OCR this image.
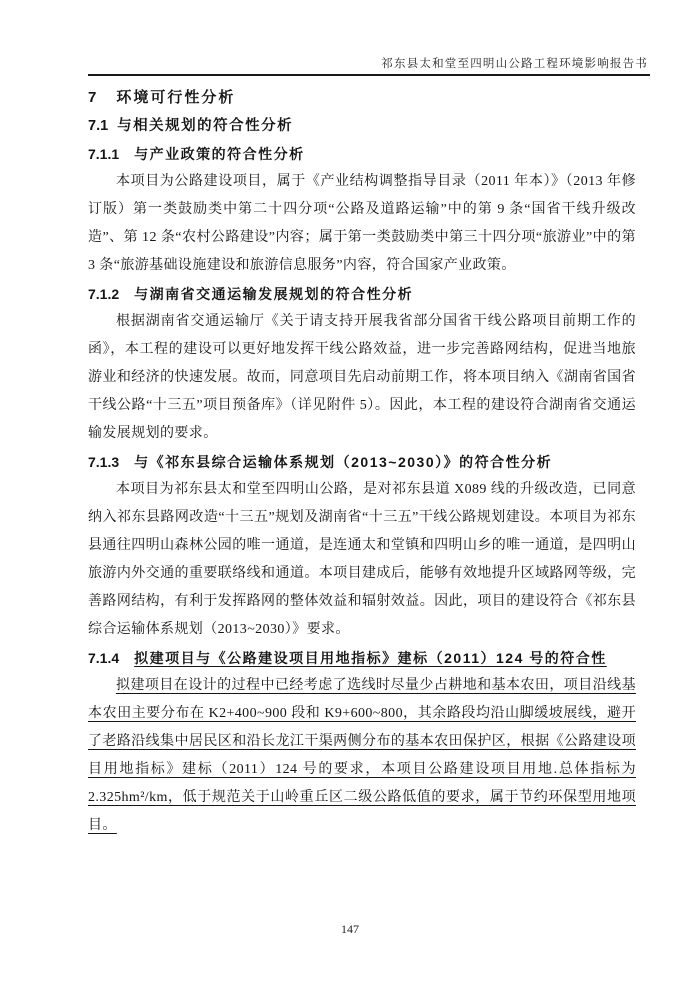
祁东县太和堂至四明山公路工程环境影响报告书
7 环境可行性分析
7.1 与相关规划的符合性分析
7.1.1 与产业政策的符合性分析

本项目为公路建设项目，属于《产业结构调整指导目录（2011 年本）》（2013 年修订版）第一类鼓励类中第二十四分项“公路及道路运输”中的第 9 条“国省干线升级改造”、第 12 条“农村公路建设”内容；属于第一类鼓励类中第三十四分项“旅游业”中的第 3 条“旅游基础设施建设和旅游信息服务”内容，符合国家产业政策。

7.1.2 与湖南省交通运输发展规划的符合性分析

根据湖南省交通运输厅《关于请支持开展我省部分国省干线公路项目前期工作的函》，本工程的建设可以更好地发挥干线公路效益，进一步完善路网结构，促进当地旅游业和经济的快速发展。故而，同意项目先启动前期工作，将本项目纳入《湖南省国省干线公路“十三五”项目预备库》（详见附件 5）。因此，本工程的建设符合湖南省交通运输发展规划的要求。

7.1.3 与《祁东县综合运输体系规划（2013~2030）》的符合性分析

本项目为祁东县太和堂至四明山公路，是对祁东县道 X089 线的升级改造，已同意纳入祁东县路网改造“十三五”规划及湖南省“十三五”干线公路规划建设。本项目为祁东县通往四明山森林公园的唯一通道，是连通太和堂镇和四明山乡的唯一通道，是四明山旅游内外交通的重要联络线和通道。本项目建成后，能够有效地提升区域路网等级，完善路网结构，有利于发挥路网的整体效益和辐射效益。因此，项目的建设符合《祁东县综合运输体系规划（2013~2030）》要求。

7.1.4 拟建项目与《公路建设项目用地指标》建标（2011）124 号的符合性

拟建项目在设计的过程中已经考虑了选线时尽量少占耕地和基本农田，项目沿线基本农田主要分布在 K2+400~900 段和 K9+600~800，其余路段均沿山脚缓坡展线，避开了老路沿线集中居民区和沿长龙江干渠两侧分布的基本农田保护区，根据《公路建设项目用地指标》建标（2011）124 号的要求，本项目公路建设项目用地.总体指标为 2.325hm²/km，低于规范关于山岭重丘区二级公路低值的要求，属于节约环保型用地项目。

147
